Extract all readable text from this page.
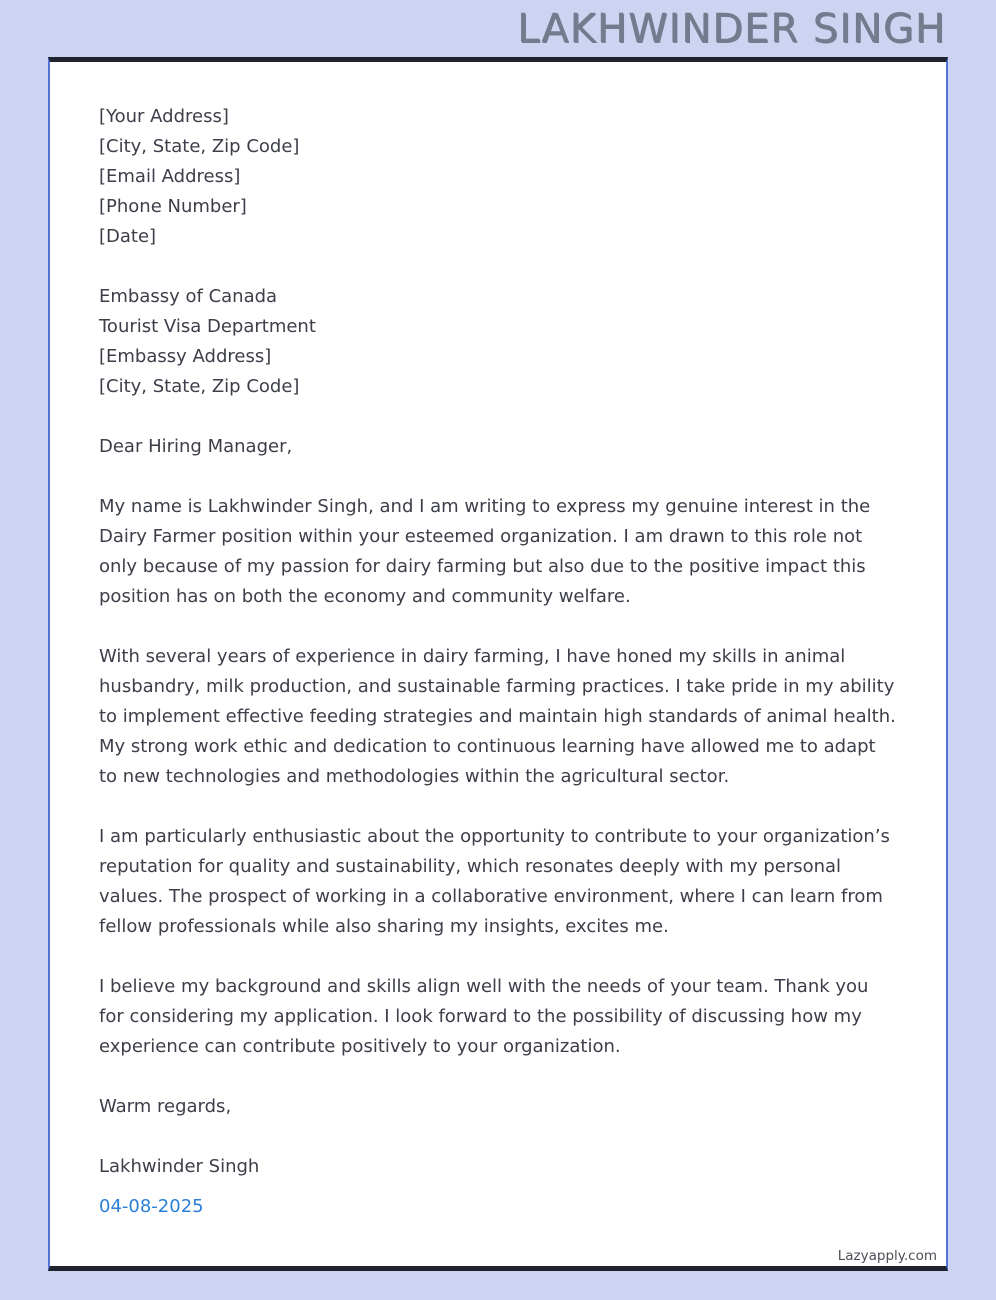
LAKHWINDER SINGH
[Your Address]
[City, State, Zip Code]
[Email Address]
[Phone Number]
[Date]
Embassy of Canada
Tourist Visa Department
[Embassy Address]
[City, State, Zip Code]
Dear Hiring Manager,

My name is Lakhwinder Singh, and I am writing to express my genuine interest in the Dairy Farmer position within your esteemed organization. I am drawn to this role not only because of my passion for dairy farming but also due to the positive impact this position has on both the economy and community welfare.

With several years of experience in dairy farming, I have honed my skills in animal husbandry, milk production, and sustainable farming practices. I take pride in my ability to implement effective feeding strategies and maintain high standards of animal health. My strong work ethic and dedication to continuous learning have allowed me to adapt to new technologies and methodologies within the agricultural sector.

I am particularly enthusiastic about the opportunity to contribute to your organization’s reputation for quality and sustainability, which resonates deeply with my personal values. The prospect of working in a collaborative environment, where I can learn from fellow professionals while also sharing my insights, excites me.

I believe my background and skills align well with the needs of your team. Thank you for considering my application. I look forward to the possibility of discussing how my experience can contribute positively to your organization.

Warm regards,
Lakhwinder Singh
04-08-2025
Lazyapply.com
